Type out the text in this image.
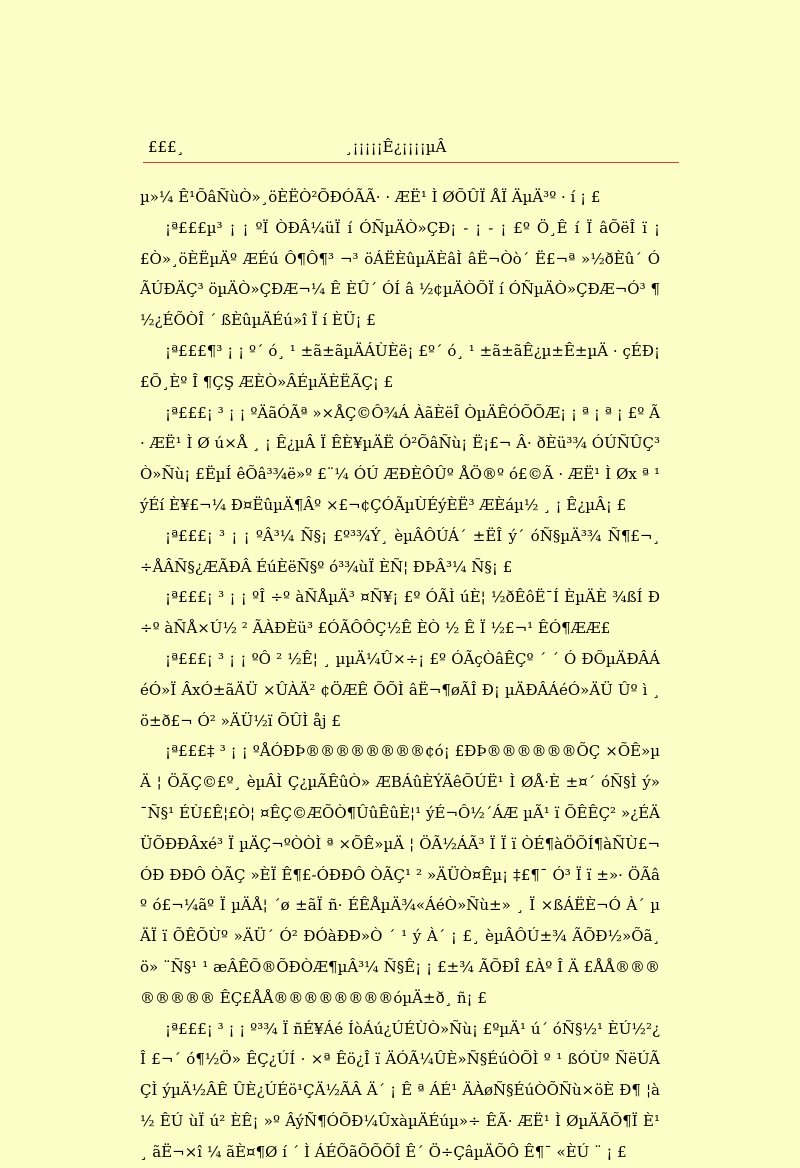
£££¸	¸¡¡¡¡¡Ê¿¡¡¡¡µÂ

µ»¼ Ê¹ÕâÑùÒ»¸öÈËÒ²ÕÐÓÃÃ· · ÆË¹ Ì ØÕÛÏ ÅÏ ÄµÄ³º · í ¡ £

¡ª£££µ³ ¡ ¡ ºÏ ÒÐÂ¼üÏ í ÓÑµÄÒ»ÇÐ¡ - ¡ - ¡ £º Ö¸Ê í Ï âÕëÎ ï ¡ £Ò»¸öÈËµÄº ÆÉú Ô¶Ô¶³ ¬³ öÁËÈûµÄÈâÌ âË¬Òò´ Ë£¬ª »½ðÈû´ ÓÃÚÐÄÇ³ öµÄÒ»ÇÐÆ¬¼ Ê ÈÛ´ ÓÍ â ½¢µÄÒÕÏ í ÓÑµÄÒ»ÇÐÆ¬Ó³ ¶½¿ÉÕÒÎ ´ ßÈûµÄÉú»î Ï í ÈÜ¡ £

¡ª£££¶³ ¡ ¡ º´ ó¸ ¹ ±ã±ãµÄÁÙÈë¡ £º´ ó¸ ¹ ±ã±ãÊ¿µ±Ê±µÄ · çÉÐ¡ £Õ¸Èº Î ¶ÇŞ ÆÈÒ»ÂÉµÄÈËÃÇ¡ £

¡ª£££¡ ³ ¡ ¡ ºÄãÓÃª »×ÅÇ©Ô¾Á ÀãÈëÎ ÒµÄÊÓÕÕÆ¡ ¡ ª ¡ ª ¡ £º Ã · ÆË¹ Ì Ø ú×Å ¸ ¡ Ê¿µÂ Ï ÊÈ¥µÄË Ó²ÕâÑù¡ Ë¡£¬ Â· ðÈü³¾ ÓÚÑÛÇ³ Ò»Ñù¡ £ËµÍ êÕâ³¾ë»º £¨¼ ÓÚ ÆÐÈÔÛº ÅÖ®º ó£©Ã · ÆË¹ Ì Øx ª ¹ ýÉí È¥£¬¼ Ð¤ËûµÄ¶Âº ×£¬¢ÇÓÃµÙÉýÈË³ ÆÈáµ½ ¸ ¡ Ê¿µÂ¡ £

¡ª£££¡ ³ ¡ ¡ ºÂ³¼ Ñ§¡ £º³¾Ý¸ èµÂÔÚÁ´ ±ËÎ ý´ óÑ§µÄ³¾ Ñ¶£¬¸ ÷ÅÂÑ§¿ÆÃÐÂ ÉúÈëÑ§º ó³¾ùÏ ÈÑ¦ ÐÞÂ³¼ Ñ§¡ £

¡ª£££¡ ³ ¡ ¡ ºÎ ÷º àÑÅµÄ³ ¤Ñ¥¡ £º ÓÃÌ úÈ¦ ½ðÊôË¯Í ÈµÄÈ ¾ßÍ Ð÷º àÑÅ×Ú½ ² ÃÀÐÈü³ £ÓÃÔÔÇ½Ê ÈÒ ½ Ê Ï ½£¬¹ ÊÓ¶ÆÆ£

¡ª£££¡ ³ ¡ ¡ ºÔ ² ½Ê¦ ¸ µµÄ¼Û×÷¡ £º ÓÃçÒâÊÇº ´ ´ Ó ÐÕµÄÐÂÁéÓ»Ï ÂxÓ±ãÄÜ ×ÛÀÄ² ¢ÖÆÊ ÕÕÌ âË¬¶øÃÎ Ð¡ µÄÐÂÁéÓ»ÄÜ Ûº ì ¸ö±ð£¬ Ó² »ÄÜ½ï ÕÛÌ åj £

¡ª£££‡ ³ ¡ ¡ ºÅÓÐÞ®®®®®®®®¢ó¡ £ÐÞ®®®®®®ÕÇ ×ÕÊ»µÄ ¦ ÖÃÇ©£º¸ èµÂÌ Ç¿µÃÊûÒ» ÆBÁûÈÝÄêÕÚË¹ Ì ØÅ·È ±¤´ óÑ§Ì ý» ¯Ñ§¹ ÉÙ£Ê¦£Ò¦ ¤ÊÇ©ÆÕÒ¶ÛûÊûÈ¦¹ ýÉ¬Ô½´ÁÆ µÃ¹ ï ÕÊÊÇ² »¿ÉÄÜÕÐÐÂxé³ Ï µÄÇ¬ºÒÒÌ ª ×ÕÊ»µÄ ¦ ÖÃ½ÁÃ³ Ï Ï ï ÒÉ¶àÖÕÍ¶àÑÙ£¬ÓÐ ÐÐÔ ÒÃÇ »ÈÏ Ê¶£-ÓÐÐÔ ÒÃÇ¹ ² »ÄÜÒ¤Êµ¡ ‡£¶¯ Ó³ Ï ï ±»· ÖÃâº ó£¬¼ãº Ï µÄÅ¦ ´ø ±ãÏ ñ· ÉÊÅµÄ¾«ÁéÒ»Ñù±» ¸ Ï ×ßÁËÈ¬Ó À´ µÄÏ ï ÕÊÕÙº »ÄÜ´ Ó² ÐÓàÐÐ»Ò ´ ¹ ý À´ ¡ £¸ èµÂÔÚ±¾ ÃÕÐ½»Õã¸ ö» ¨Ñ§¹ ¹ æÂÊÕ®ÕÐÒÆ¶µÂ³¼ Ñ§Ê¡ ¡ £±¾ ÃÕÐÎ £Àº Î Ä £ÅÅ®®®®®®®® ÊÇ£ÅÅ®®®®®®®®óµÄ±ð¸ ñ¡ £

¡ª£££¡ ³ ¡ ¡ º³¾ Ï ñÉ¥Áé ÍòÁú¿ÚÉÙÒ»Ñù¡ £ºµÄ¹ ú´ óÑ§½¹ ÈÚ½²¿ Î £¬´ ó¶½Ö» ÊÇ¿ÚÍ · ×ª Êö¿Î ï ÄÓÃ¼ÛÈ»Ñ§ÉúÒÕÌ º ¹ ßÓÙº ÑëÚÃÇÌ ýµÄ½ÂÊ ÛÈ¿ÚÉö¹ÇÄ½ÃÂ Ä´ ¡ Ê ª ÁÉ¹ ÄÀøÑ§ÉúÒÕÑù×öÈ Ð¶ ¦à½ ÊÚ ùÏ ú² ÈÊ¡ »º ÂýÑ¶ÓÕÐ¼ÛxàµÄÉúµ»÷ ÊÃ· ÆË¹ Ì ØµÄÃÕ¶Ï È¹ ¸ ãË¬×î ¼ ãÈ¤¶Ø í ´ Ì ÁÉÕãÕÕÕÎ Ê´ Ö÷ÇâµÄÕÔ Ê¶¯ «ÈÚ ¨ ¡ £
